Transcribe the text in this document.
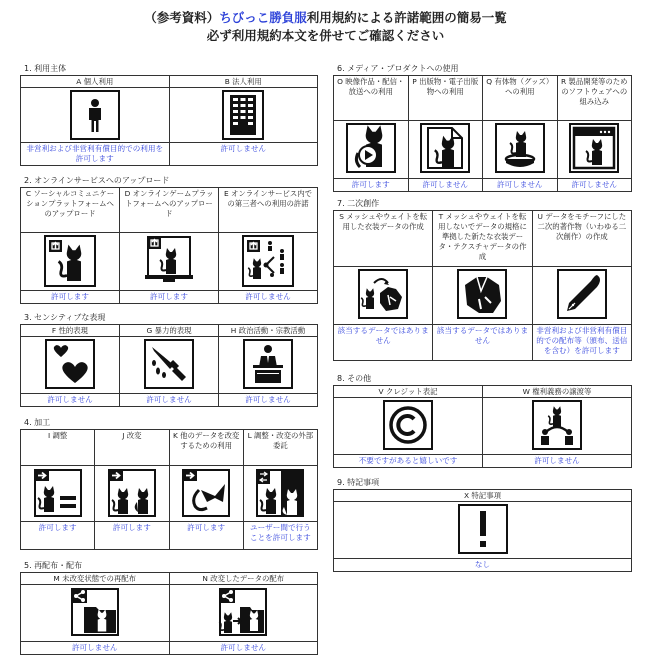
（参考資料）ちびっこ勝負服利用規約による許諾範囲の簡易一覧
必ず利用規約本文を併せてご確認ください
1. 利用主体
A 個人利用	B 法人利用

非営利および非営利有償目的での利用を許可します	許可しません
2. オンラインサービスへのアップロード
C ソーシャルコミュニケーションプラットフォームへのアップロード	D オンラインゲームプラットフォームへのアップロード	E オンラインサービス内での第三者への利用の許諾

許可します	許可します	許可しません
3. センシティブな表現
F 性的表現	G 暴力的表現	H 政治活動・宗教活動

許可しません	許可しません	許可しません
4. 加工
I 調整	J 改変	K 他のデータを改変するための利用	L 調整・改変の外部委託

許可します	許可します	許可します	ユーザー間で行うことを許可します
5. 再配布・配布
M 未改変状態での再配布	N 改変したデータの配布

許可しません	許可しません
6. メディア・プロダクトへの使用
O 映像作品・配信・放送への利用	P 出版物・電子出版物への利用	Q 有体物（グッズ）への利用	R 製品開発等のためのソフトウェアへの組み込み

許可します	許可しません	許可しません	許可しません
7. 二次創作
S メッシュやウェイトを転用した衣装データの作成	T メッシュやウェイトを転用しないでデータの規格に準拠した新たな衣装データ・テクスチャデータの作成	U データをモチーフにした二次的著作物（いわゆる二次創作）の作成

該当するデータではありません	該当するデータではありません	非営利および非営利有償目的での配布等（頒布、送信を含む）を許可します
8. その他
V クレジット表記	W 権利義務の譲渡等

不要ですがあると嬉しいです	許可しません
9. 特記事項
X 特記事項

なし
